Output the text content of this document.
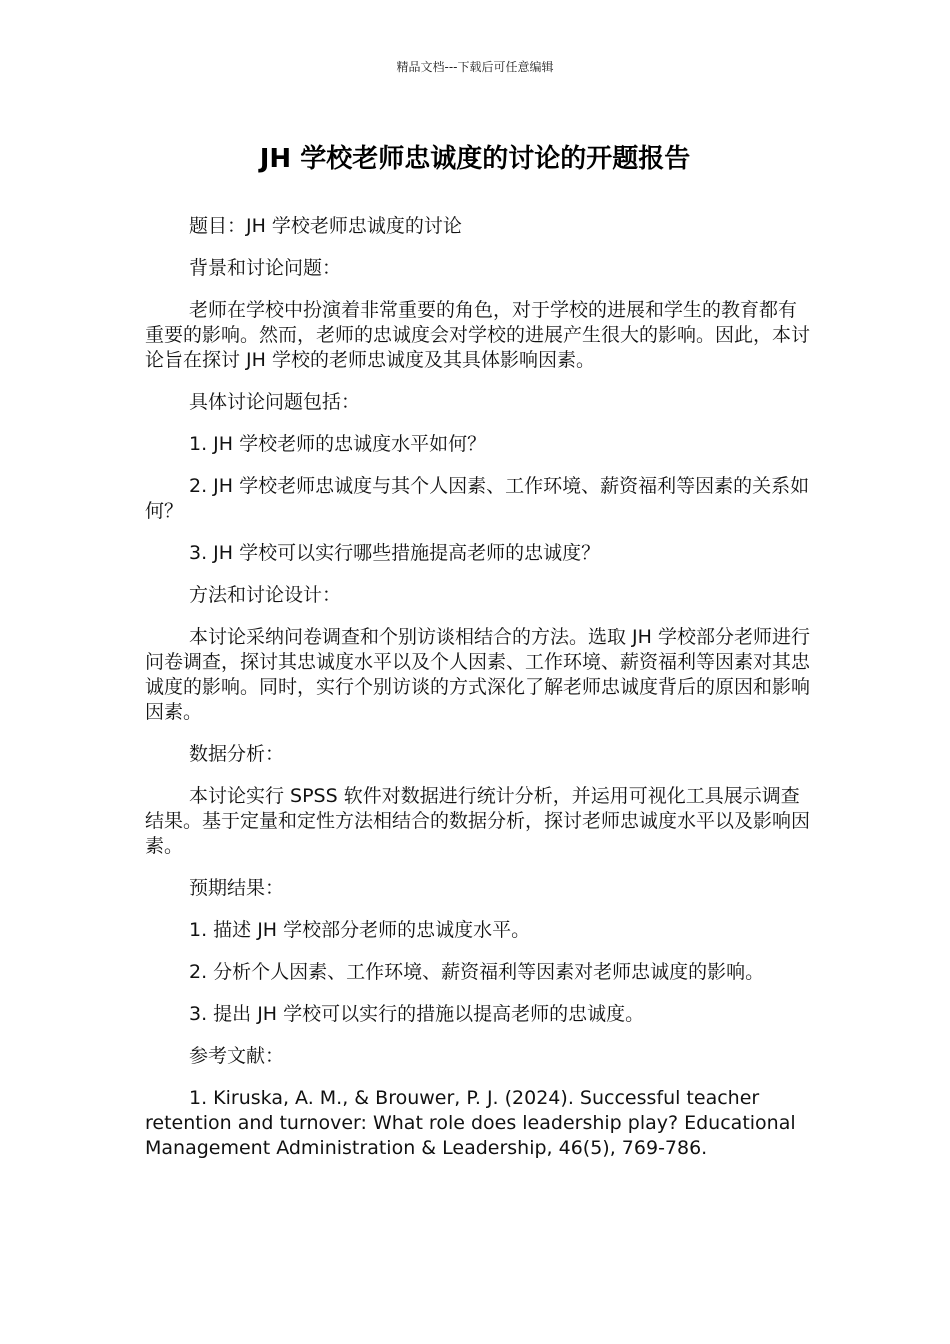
精品文档---下载后可任意编辑
JH 学校老师忠诚度的讨论的开题报告

题目：JH 学校老师忠诚度的讨论

背景和讨论问题：

老师在学校中扮演着非常重要的角色，对于学校的进展和学生的教育都有重要的影响。然而，老师的忠诚度会对学校的进展产生很大的影响。因此，本讨论旨在探讨 JH 学校的老师忠诚度及其具体影响因素。

具体讨论问题包括：

1. JH 学校老师的忠诚度水平如何？

2. JH 学校老师忠诚度与其个人因素、工作环境、薪资福利等因素的关系如何？

3. JH 学校可以实行哪些措施提高老师的忠诚度？

方法和讨论设计：

本讨论采纳问卷调查和个别访谈相结合的方法。选取 JH 学校部分老师进行问卷调查，探讨其忠诚度水平以及个人因素、工作环境、薪资福利等因素对其忠诚度的影响。同时，实行个别访谈的方式深化了解老师忠诚度背后的原因和影响因素。

数据分析：

本讨论实行 SPSS 软件对数据进行统计分析，并运用可视化工具展示调查结果。基于定量和定性方法相结合的数据分析，探讨老师忠诚度水平以及影响因素。

预期结果：

1. 描述 JH 学校部分老师的忠诚度水平。

2. 分析个人因素、工作环境、薪资福利等因素对老师忠诚度的影响。

3. 提出 JH 学校可以实行的措施以提高老师的忠诚度。

参考文献：

1. Kiruska, A. M., & Brouwer, P. J. (2024). Successful teacher retention and turnover: What role does leadership play? Educational Management Administration & Leadership, 46(5), 769-786.
